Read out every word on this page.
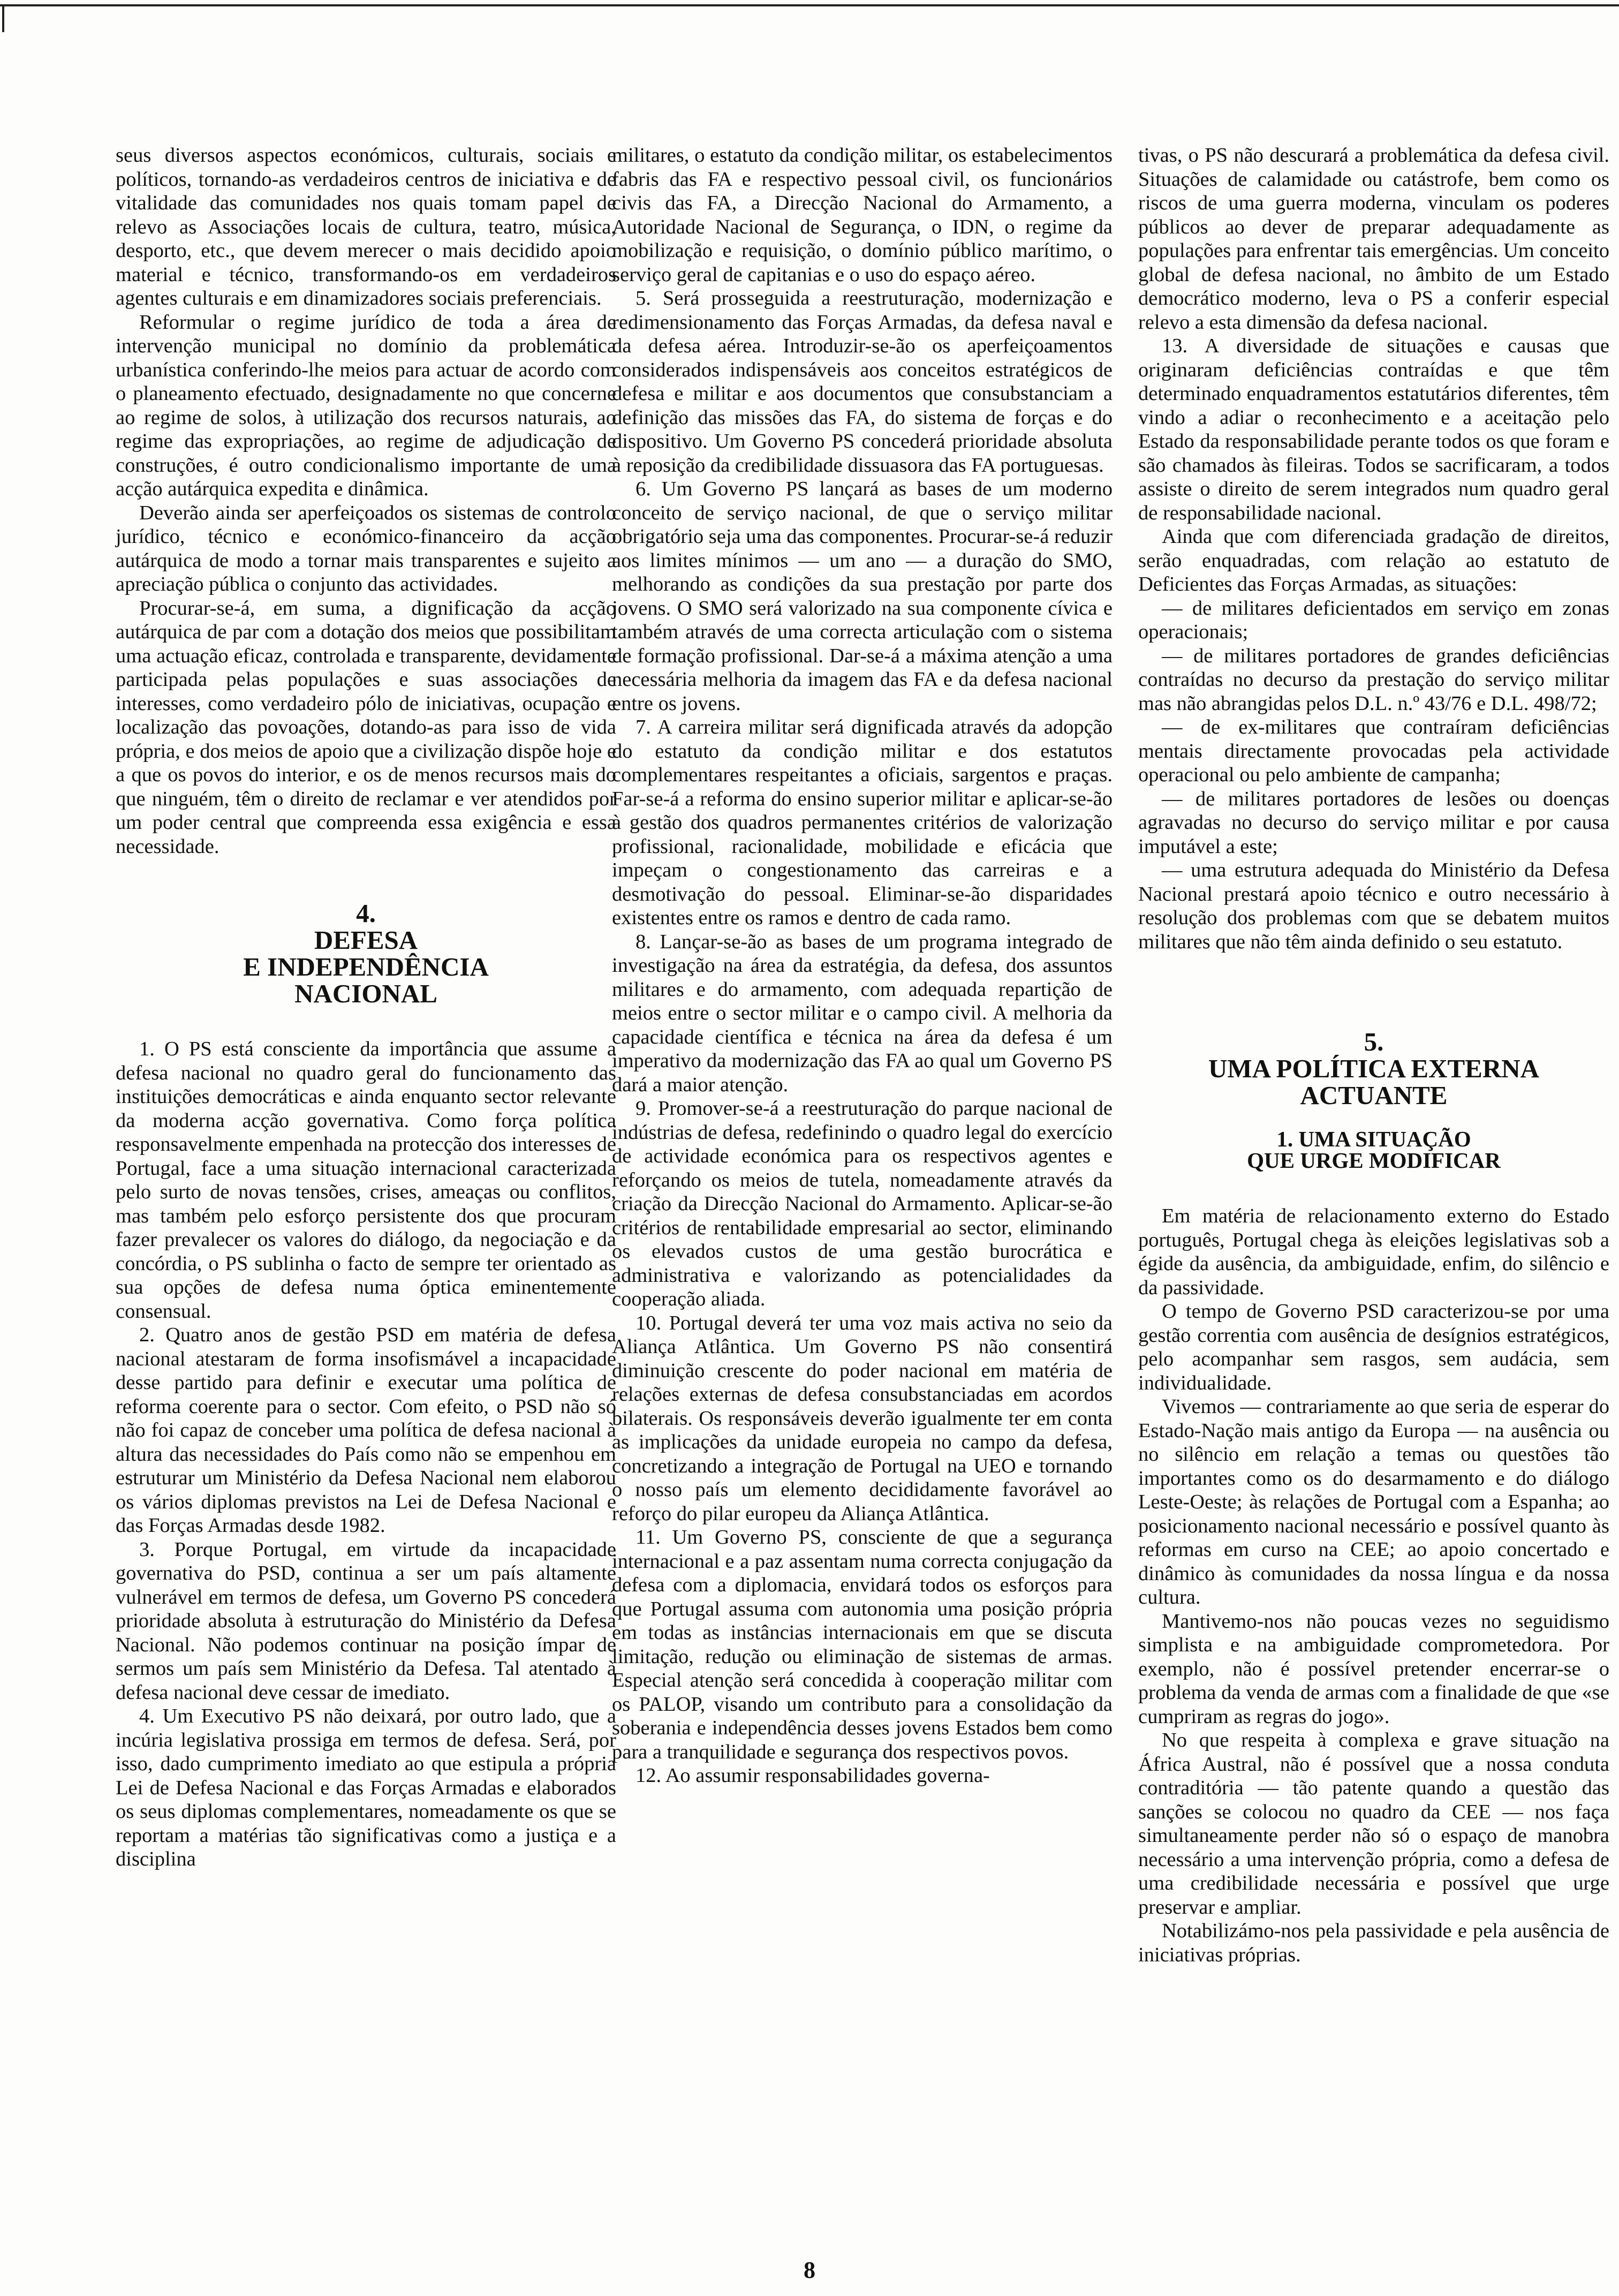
seus diversos aspectos económicos, culturais, sociais e políticos, tornando-as verdadeiros centros de iniciativa e de vitalidade das comunidades nos quais tomam papel de relevo as Associações locais de cultura, teatro, música, desporto, etc., que devem merecer o mais decidido apoio material e técnico, transformando-os em verdadeiros agentes culturais e em dinamizadores sociais preferenciais.

Reformular o regime jurídico de toda a área de intervenção municipal no domínio da problemática urbanística conferindo-lhe meios para actuar de acordo com o planeamento efectuado, designadamente no que concerne ao regime de solos, à utilização dos recursos naturais, ao regime das expropriações, ao regime de adjudicação de construções, é outro condicionalismo importante de uma acção autárquica expedita e dinâmica.

Deverão ainda ser aperfeiçoados os sistemas de controlo jurídico, técnico e económico-financeiro da acção autárquica de modo a tornar mais transparentes e sujeito a apreciação pública o conjunto das actividades.

Procurar-se-á, em suma, a dignificação da acção autárquica de par com a dotação dos meios que possibilitam uma actuação eficaz, controlada e transparente, devidamente participada pelas populações e suas associações de interesses, como verdadeiro pólo de iniciativas, ocupação e localização das povoações, dotando-as para isso de vida própria, e dos meios de apoio que a civilização dispõe hoje e a que os povos do interior, e os de menos recursos mais do que ninguém, têm o direito de reclamar e ver atendidos por um poder central que compreenda essa exigência e essa necessidade.

4.

DEFESA

E INDEPENDÊNCIA

NACIONAL

1. O PS está consciente da importância que assume a defesa nacional no quadro geral do funcionamento das instituições democráticas e ainda enquanto sector relevante da moderna acção governativa. Como força política responsavelmente empenhada na protecção dos interesses de Portugal, face a uma situação internacional caracterizada pelo surto de novas tensões, crises, ameaças ou conflitos, mas também pelo esforço persistente dos que procuram fazer prevalecer os valores do diálogo, da negociação e da concórdia, o PS sublinha o facto de sempre ter orientado as sua opções de defesa numa óptica eminentemente consensual.

2. Quatro anos de gestão PSD em matéria de defesa nacional atestaram de forma insofismável a incapacidade desse partido para definir e executar uma política de reforma coerente para o sector. Com efeito, o PSD não só não foi capaz de conceber uma política de defesa nacional à altura das necessidades do País como não se empenhou em estruturar um Ministério da Defesa Nacional nem elaborou os vários diplomas previstos na Lei de Defesa Nacional e das Forças Armadas desde 1982.

3. Porque Portugal, em virtude da incapacidade governativa do PSD, continua a ser um país altamente vulnerável em termos de defesa, um Governo PS concederá prioridade absoluta à estruturação do Ministério da Defesa Nacional. Não podemos continuar na posição ímpar de sermos um país sem Ministério da Defesa. Tal atentado à defesa nacional deve cessar de imediato.

4. Um Executivo PS não deixará, por outro lado, que a incúria legislativa prossiga em termos de defesa. Será, por isso, dado cumprimento imediato ao que estipula a própria Lei de Defesa Nacional e das Forças Armadas e elaborados os seus diplomas complementares, nomeadamente os que se reportam a matérias tão significativas como a justiça e a disciplina

militares, o estatuto da condição militar, os estabelecimentos fabris das FA e respectivo pessoal civil, os funcionários civis das FA, a Direcção Nacional do Armamento, a Autoridade Nacional de Segurança, o IDN, o regime da mobilização e requisição, o domínio público marítimo, o serviço geral de capitanias e o uso do espaço aéreo.

5. Será prosseguida a reestruturação, modernização e redimensionamento das Forças Armadas, da defesa naval e da defesa aérea. Introduzir-se-ão os aperfeiçoamentos considerados indispensáveis aos conceitos estratégicos de defesa e militar e aos documentos que consubstanciam a definição das missões das FA, do sistema de forças e do dispositivo. Um Governo PS concederá prioridade absoluta à reposição da credibilidade dissuasora das FA portuguesas.

6. Um Governo PS lançará as bases de um moderno conceito de serviço nacional, de que o serviço militar obrigatório seja uma das componentes. Procurar-se-á reduzir aos limites mínimos — um ano — a duração do SMO, melhorando as condições da sua prestação por parte dos jovens. O SMO será valorizado na sua componente cívica e também através de uma correcta articulação com o sistema de formação profissional. Dar-se-á a máxima atenção a uma necessária melhoria da imagem das FA e da defesa nacional entre os jovens.

7. A carreira militar será dignificada através da adopção do estatuto da condição militar e dos estatutos complementares respeitantes a oficiais, sargentos e praças. Far-se-á a reforma do ensino superior militar e aplicar-se-ão à gestão dos quadros permanentes critérios de valorização profissional, racionalidade, mobilidade e eficácia que impeçam o congestionamento das carreiras e a desmotivação do pessoal. Eliminar-se-ão disparidades existentes entre os ramos e dentro de cada ramo.

8. Lançar-se-ão as bases de um programa integrado de investigação na área da estratégia, da defesa, dos assuntos militares e do armamento, com adequada repartição de meios entre o sector militar e o campo civil. A melhoria da capacidade científica e técnica na área da defesa é um imperativo da modernização das FA ao qual um Governo PS dará a maior atenção.

9. Promover-se-á a reestruturação do parque nacional de indústrias de defesa, redefinindo o quadro legal do exercício de actividade económica para os respectivos agentes e reforçando os meios de tutela, nomeadamente através da criação da Direcção Nacional do Armamento. Aplicar-se-ão critérios de rentabilidade empresarial ao sector, eliminando os elevados custos de uma gestão burocrática e administrativa e valorizando as potencialidades da cooperação aliada.

10. Portugal deverá ter uma voz mais activa no seio da Aliança Atlântica. Um Governo PS não consentirá diminuição crescente do poder nacional em matéria de relações externas de defesa consubstanciadas em acordos bilaterais. Os responsáveis deverão igualmente ter em conta as implicações da unidade europeia no campo da defesa, concretizando a integração de Portugal na UEO e tornando o nosso país um elemento decididamente favorável ao reforço do pilar europeu da Aliança Atlântica.

11. Um Governo PS, consciente de que a segurança internacional e a paz assentam numa correcta conjugação da defesa com a diplomacia, envidará todos os esforços para que Portugal assuma com autonomia uma posição própria em todas as instâncias internacionais em que se discuta limitação, redução ou eliminação de sistemas de armas. Especial atenção será concedida à cooperação militar com os PALOP, visando um contributo para a consolidação da soberania e independência desses jovens Estados bem como para a tranquilidade e segurança dos respectivos povos.

12. Ao assumir responsabilidades governa-

tivas, o PS não descurará a problemática da defesa civil. Situações de calamidade ou catástrofe, bem como os riscos de uma guerra moderna, vinculam os poderes públicos ao dever de preparar adequadamente as populações para enfrentar tais emergências. Um conceito global de defesa nacional, no âmbito de um Estado democrático moderno, leva o PS a conferir especial relevo a esta dimensão da defesa nacional.

13. A diversidade de situações e causas que originaram deficiências contraídas e que têm determinado enquadramentos estatutários diferentes, têm vindo a adiar o reconhecimento e a aceitação pelo Estado da responsabilidade perante todos os que foram e são chamados às fileiras. Todos se sacrificaram, a todos assiste o direito de serem integrados num quadro geral de responsabilidade nacional.

Ainda que com diferenciada gradação de direitos, serão enquadradas, com relação ao estatuto de Deficientes das Forças Armadas, as situações:

— de militares deficientados em serviço em zonas operacionais;

— de militares portadores de grandes deficiências contraídas no decurso da prestação do serviço militar mas não abrangidas pelos D.L. n.º 43/76 e D.L. 498/72;

— de ex-militares que contraíram deficiências mentais directamente provocadas pela actividade operacional ou pelo ambiente de campanha;

— de militares portadores de lesões ou doenças agravadas no decurso do serviço militar e por causa imputável a este;

— uma estrutura adequada do Ministério da Defesa Nacional prestará apoio técnico e outro necessário à resolução dos problemas com que se debatem muitos militares que não têm ainda definido o seu estatuto.

5.

UMA POLÍTICA EXTERNA

ACTUANTE

1. UMA SITUAÇÃO

QUE URGE MODIFICAR

Em matéria de relacionamento externo do Estado português, Portugal chega às eleições legislativas sob a égide da ausência, da ambiguidade, enfim, do silêncio e da passividade.

O tempo de Governo PSD caracterizou-se por uma gestão correntia com ausência de desígnios estratégicos, pelo acompanhar sem rasgos, sem audácia, sem individualidade.

Vivemos — contrariamente ao que seria de esperar do Estado-Nação mais antigo da Europa — na ausência ou no silêncio em relação a temas ou questões tão importantes como os do desarmamento e do diálogo Leste-Oeste; às relações de Portugal com a Espanha; ao posicionamento nacional necessário e possível quanto às reformas em curso na CEE; ao apoio concertado e dinâmico às comunidades da nossa língua e da nossa cultura.

Mantivemo-nos não poucas vezes no seguidismo simplista e na ambiguidade comprometedora. Por exemplo, não é possível pretender encerrar-se o problema da venda de armas com a finalidade de que «se cumpriram as regras do jogo».

No que respeita à complexa e grave situação na África Austral, não é possível que a nossa conduta contraditória — tão patente quando a questão das sanções se colocou no quadro da CEE — nos faça simultaneamente perder não só o espaço de manobra necessário a uma intervenção própria, como a defesa de uma credibilidade necessária e possível que urge preservar e ampliar.

Notabilizámo-nos pela passividade e pela ausência de iniciativas próprias.

8
